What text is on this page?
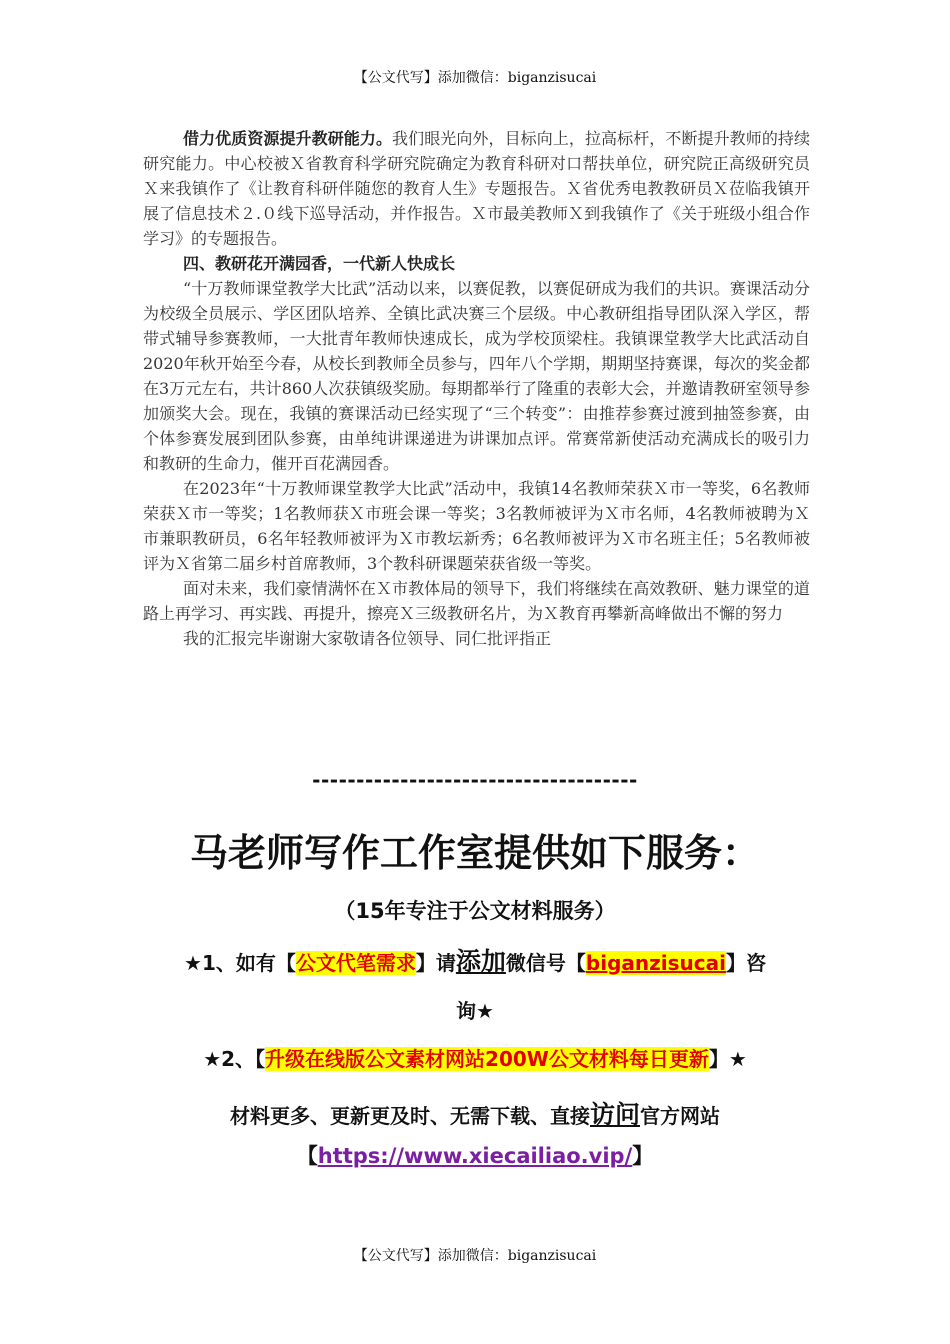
【公文代写】添加微信：biganzisucai

借力优质资源提升教研能力。我们眼光向外，目标向上，拉高标杆，不断提升教师的持续研究能力。中心校被Ｘ省教育科学研究院确定为教育科研对口帮扶单位，研究院正高级研究员Ｘ来我镇作了《让教育科研伴随您的教育人生》专题报告。Ｘ省优秀电教教研员Ｘ莅临我镇开展了信息技术２.０线下巡导活动，并作报告。Ｘ市最美教师Ｘ到我镇作了《关于班级小组合作学习》的专题报告。

四、教研花开满园香，一代新人快成长

“十万教师课堂教学大比武”活动以来，以赛促教，以赛促研成为我们的共识。赛课活动分为校级全员展示、学区团队培养、全镇比武决赛三个层级。中心教研组指导团队深入学区，帮带式辅导参赛教师，一大批青年教师快速成长，成为学校顶梁柱。我镇课堂教学大比武活动自2020年秋开始至今春，从校长到教师全员参与，四年八个学期，期期坚持赛课，每次的奖金都在3万元左右，共计860人次获镇级奖励。每期都举行了隆重的表彰大会，并邀请教研室领导参加颁奖大会。现在，我镇的赛课活动已经实现了“三个转变”：由推荐参赛过渡到抽签参赛，由个体参赛发展到团队参赛，由单纯讲课递进为讲课加点评。常赛常新使活动充满成长的吸引力和教研的生命力，催开百花满园香。

在2023年“十万教师课堂教学大比武”活动中，我镇14名教师荣获Ｘ市一等奖，6名教师荣获Ｘ市一等奖；1名教师获Ｘ市班会课一等奖；3名教师被评为Ｘ市名师，4名教师被聘为Ｘ市兼职教研员，6名年轻教师被评为Ｘ市教坛新秀；6名教师被评为Ｘ市名班主任；5名教师被评为Ｘ省第二届乡村首席教师，3个教科研课题荣获省级一等奖。

面对未来，我们豪情满怀在Ｘ市教体局的领导下，我们将继续在高效教研、魅力课堂的道路上再学习、再实践、再提升，擦亮Ｘ三级教研名片，为Ｘ教育再攀新高峰做出不懈的努力

我的汇报完毕谢谢大家敬请各位领导、同仁批评指正

-------------------------------------
马老师写作工作室提供如下服务：
（15年专注于公文材料服务）
★1、如有【公文代笔需求】请添加微信号【biganzisucai】咨
询★
★2、【升级在线版公文素材网站200W公文材料每日更新】★
材料更多、更新更及时、无需下载、直接访问官方网站
【https://www.xiecailiao.vip/】
【公文代写】添加微信：biganzisucai
